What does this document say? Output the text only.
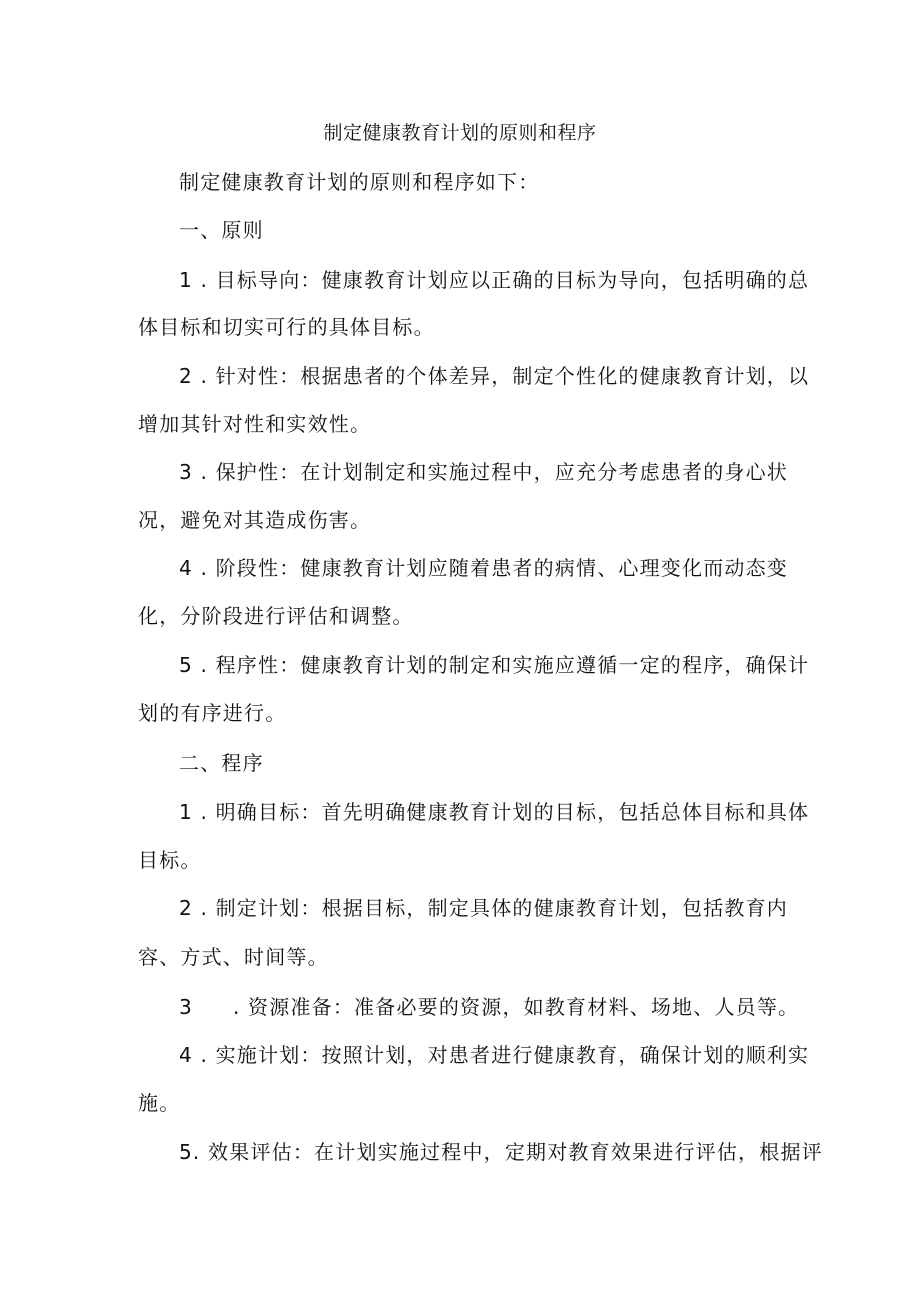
制定健康教育计划的原则和程序
制定健康教育计划的原则和程序如下：
一、原则
1 . 目标导向：健康教育计划应以正确的目标为导向，包括明确的总
体目标和切实可行的具体目标。
2 . 针对性：根据患者的个体差异，制定个性化的健康教育计划，以
增加其针对性和实效性。
3 . 保护性：在计划制定和实施过程中，应充分考虑患者的身心状
况，避免对其造成伤害。
4 . 阶段性：健康教育计划应随着患者的病情、心理变化而动态变
化，分阶段进行评估和调整。
5 . 程序性：健康教育计划的制定和实施应遵循一定的程序，确保计
划的有序进行。
二、程序
1 . 明确目标：首先明确健康教育计划的目标，包括总体目标和具体
目标。
2 . 制定计划：根据目标，制定具体的健康教育计划，包括教育内
容、方式、时间等。
3 . 资源准备：准备必要的资源，如教育材料、场地、人员等。
4 . 实施计划：按照计划，对患者进行健康教育，确保计划的顺利实
施。
5. 效果评估：在计划实施过程中，定期对教育效果进行评估，根据评
